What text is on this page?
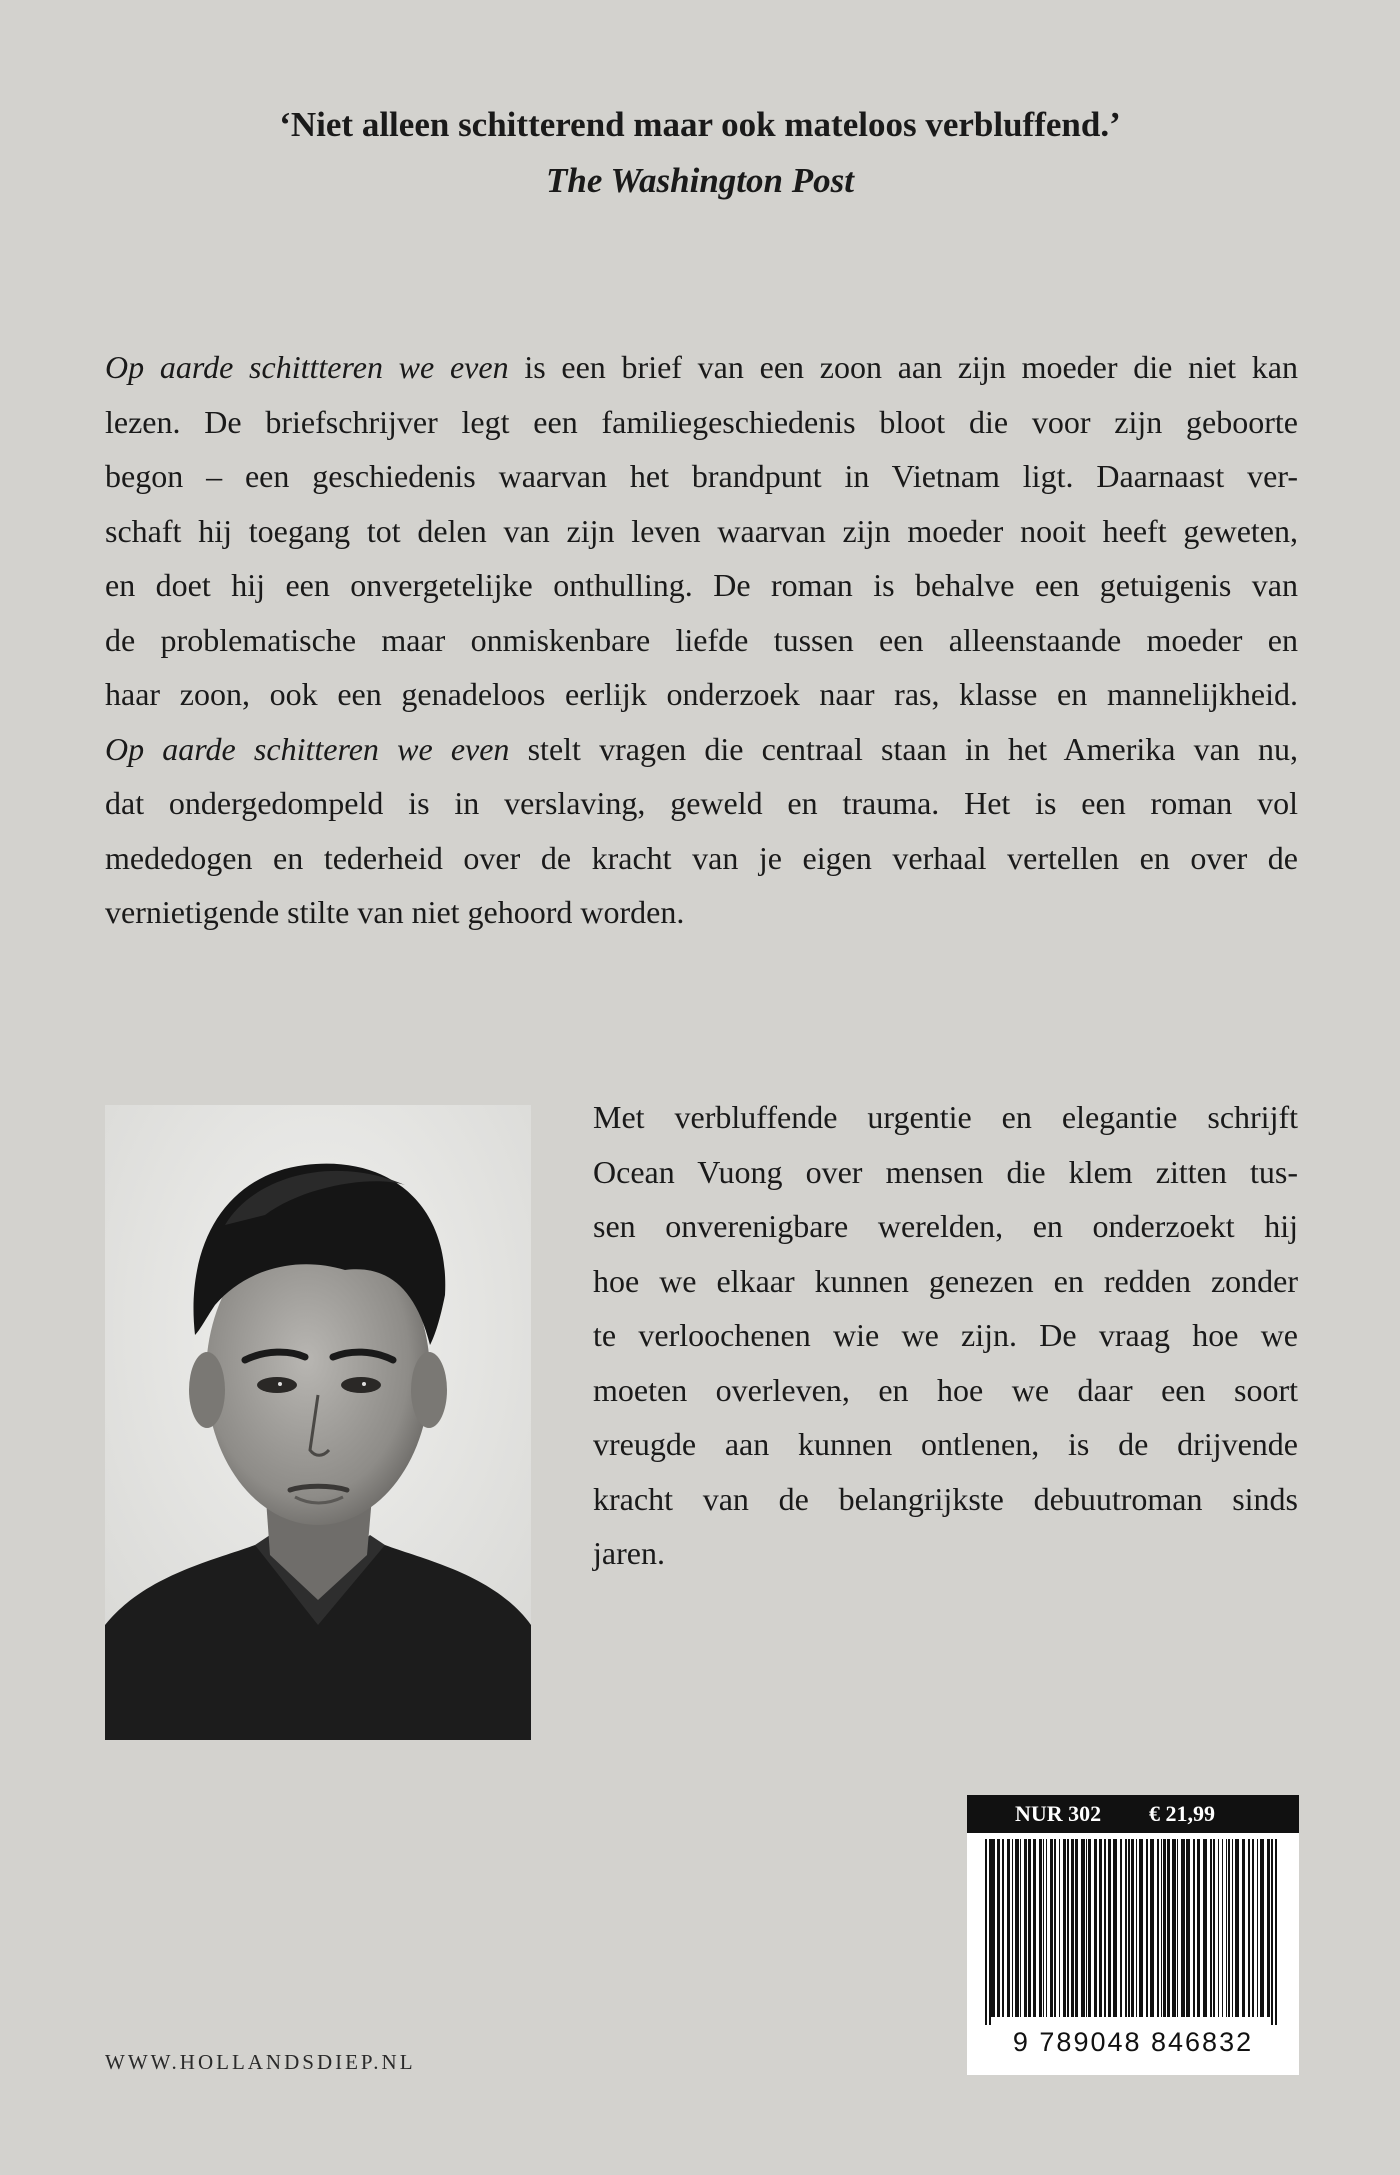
‘Niet alleen schitterend maar ook mateloos verbluffend.’
The Washington Post
Op aarde schittteren we even is een brief van een zoon aan zijn moeder die niet kan
lezen. De briefschrijver legt een familiegeschiedenis bloot die voor zijn geboorte
begon – een geschiedenis waarvan het brandpunt in Vietnam ligt. Daarnaast ver-
schaft hij toegang tot delen van zijn leven waarvan zijn moeder nooit heeft geweten,
en doet hij een onvergetelijke onthulling. De roman is behalve een getuigenis van
de problematische maar onmiskenbare liefde tussen een alleenstaande moeder en
haar zoon, ook een genadeloos eerlijk onderzoek naar ras, klasse en mannelijkheid.
Op aarde schitteren we even stelt vragen die centraal staan in het Amerika van nu,
dat ondergedompeld is in verslaving, geweld en trauma. Het is een roman vol
mededogen en tederheid over de kracht van je eigen verhaal vertellen en over de
vernietigende stilte van niet gehoord worden.
Met verbluffende urgentie en elegantie schrijft
Ocean Vuong over mensen die klem zitten tus-
sen onverenigbare werelden, en onderzoekt hij
hoe we elkaar kunnen genezen en redden zonder
te verloochenen wie we zijn. De vraag hoe we
moeten overleven, en hoe we daar een soort
vreugde aan kunnen ontlenen, is de drijvende
kracht van de belangrijkste debuutroman sinds
jaren.
NUR 302 € 21,99
9 789048 846832
WWW.HOLLANDSDIEP.NL
